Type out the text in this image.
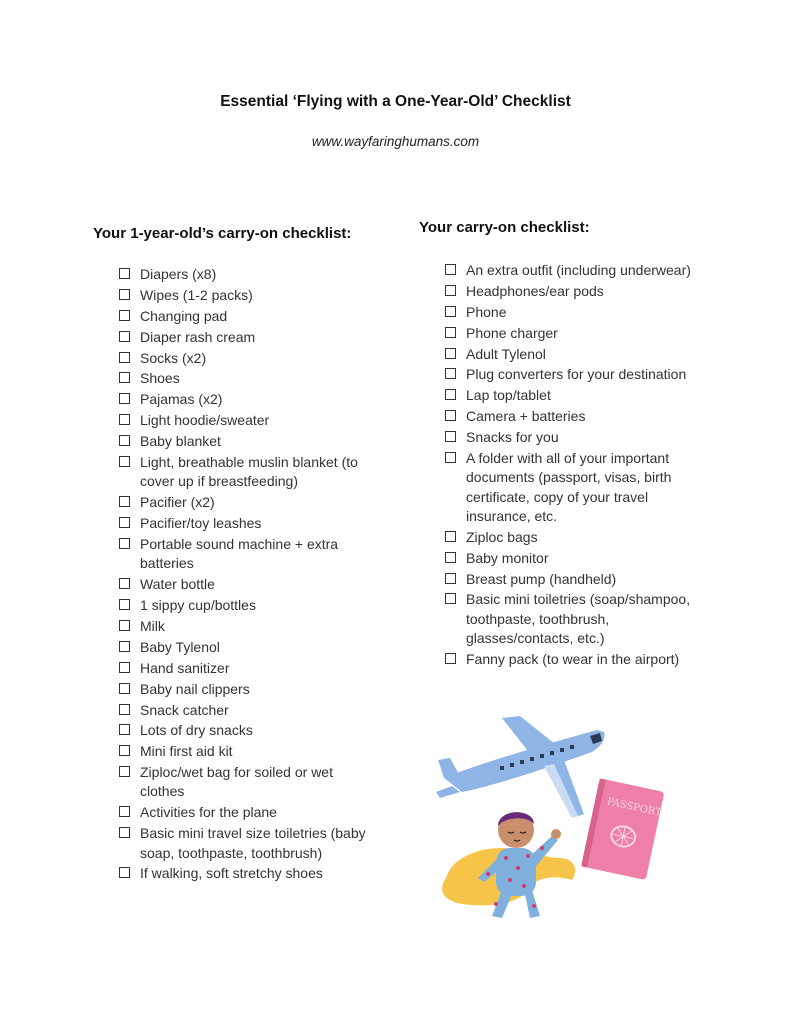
Essential ‘Flying with a One-Year-Old’ Checklist
www.wayfaringhumans.com
Your 1-year-old’s carry-on checklist:
Diapers (x8)
Wipes (1-2 packs)
Changing pad
Diaper rash cream
Socks (x2)
Shoes
Pajamas (x2)
Light hoodie/sweater
Baby blanket
Light, breathable muslin blanket (to cover up if breastfeeding)
Pacifier (x2)
Pacifier/toy leashes
Portable sound machine + extra batteries
Water bottle
1 sippy cup/bottles
Milk
Baby Tylenol
Hand sanitizer
Baby nail clippers
Snack catcher
Lots of dry snacks
Mini first aid kit
Ziploc/wet bag for soiled or wet clothes
Activities for the plane
Basic mini travel size toiletries (baby soap, toothpaste, toothbrush)
If walking, soft stretchy shoes
Your carry-on checklist:
An extra outfit (including underwear)
Headphones/ear pods
Phone
Phone charger
Adult Tylenol
Plug converters for your destination
Lap top/tablet
Camera + batteries
Snacks for you
A folder with all of your important documents (passport, visas, birth certificate, copy of your travel insurance, etc.
Ziploc bags
Baby monitor
Breast pump (handheld)
Basic mini toiletries (soap/shampoo, toothpaste, toothbrush, glasses/contacts, etc.)
Fanny pack (to wear in the airport)
PASSPORT
